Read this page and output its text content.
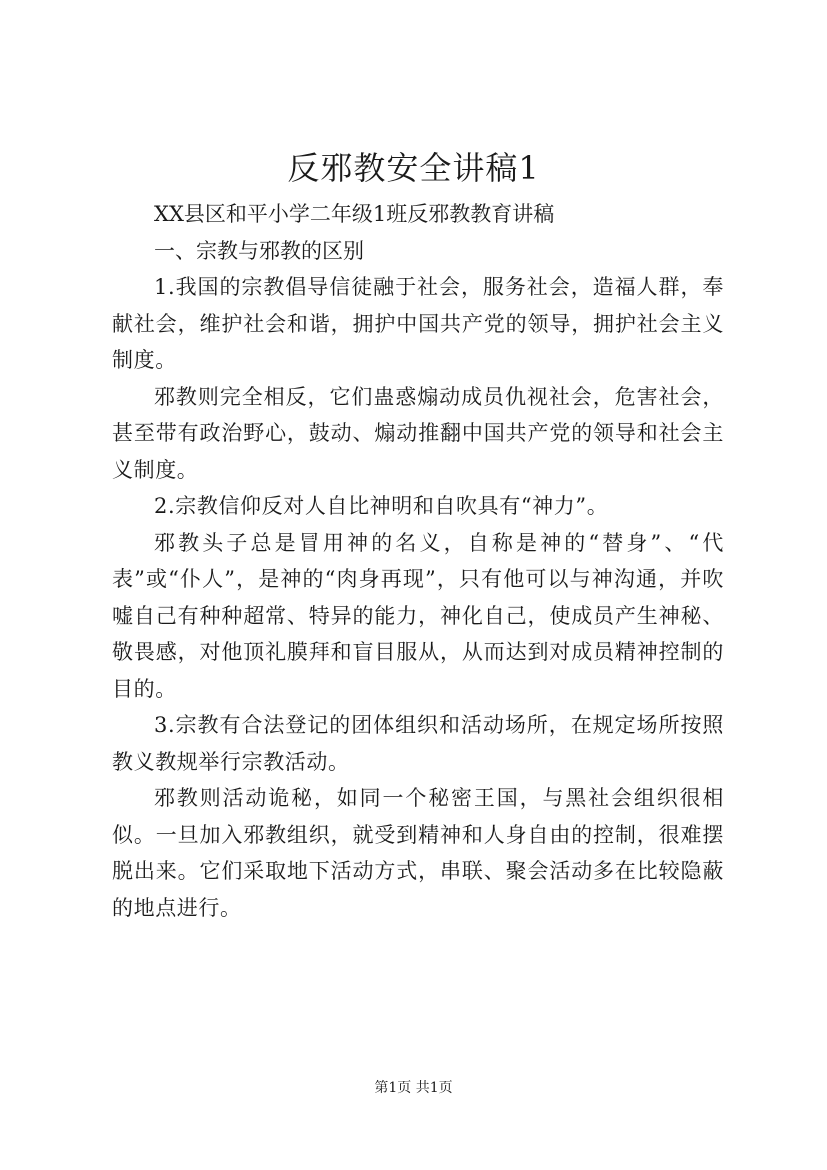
反邪教安全讲稿1

XX县区和平小学二年级1班反邪教教育讲稿

一、宗教与邪教的区别

1.我国的宗教倡导信徒融于社会，服务社会，造福人群，奉献社会，维护社会和谐，拥护中国共产党的领导，拥护社会主义制度。

邪教则完全相反，它们蛊惑煽动成员仇视社会，危害社会，甚至带有政治野心，鼓动、煽动推翻中国共产党的领导和社会主义制度。

2.宗教信仰反对人自比神明和自吹具有“神力”。

邪教头子总是冒用神的名义，自称是神的“替身”、“代表”或“仆人”，是神的“肉身再现”，只有他可以与神沟通，并吹嘘自己有种种超常、特异的能力，神化自己，使成员产生神秘、敬畏感，对他顶礼膜拜和盲目服从，从而达到对成员精神控制的目的。

3.宗教有合法登记的团体组织和活动场所，在规定场所按照教义教规举行宗教活动。

邪教则活动诡秘，如同一个秘密王国，与黑社会组织很相似。一旦加入邪教组织，就受到精神和人身自由的控制，很难摆脱出来。它们采取地下活动方式，串联、聚会活动多在比较隐蔽的地点进行。

第1页 共1页
